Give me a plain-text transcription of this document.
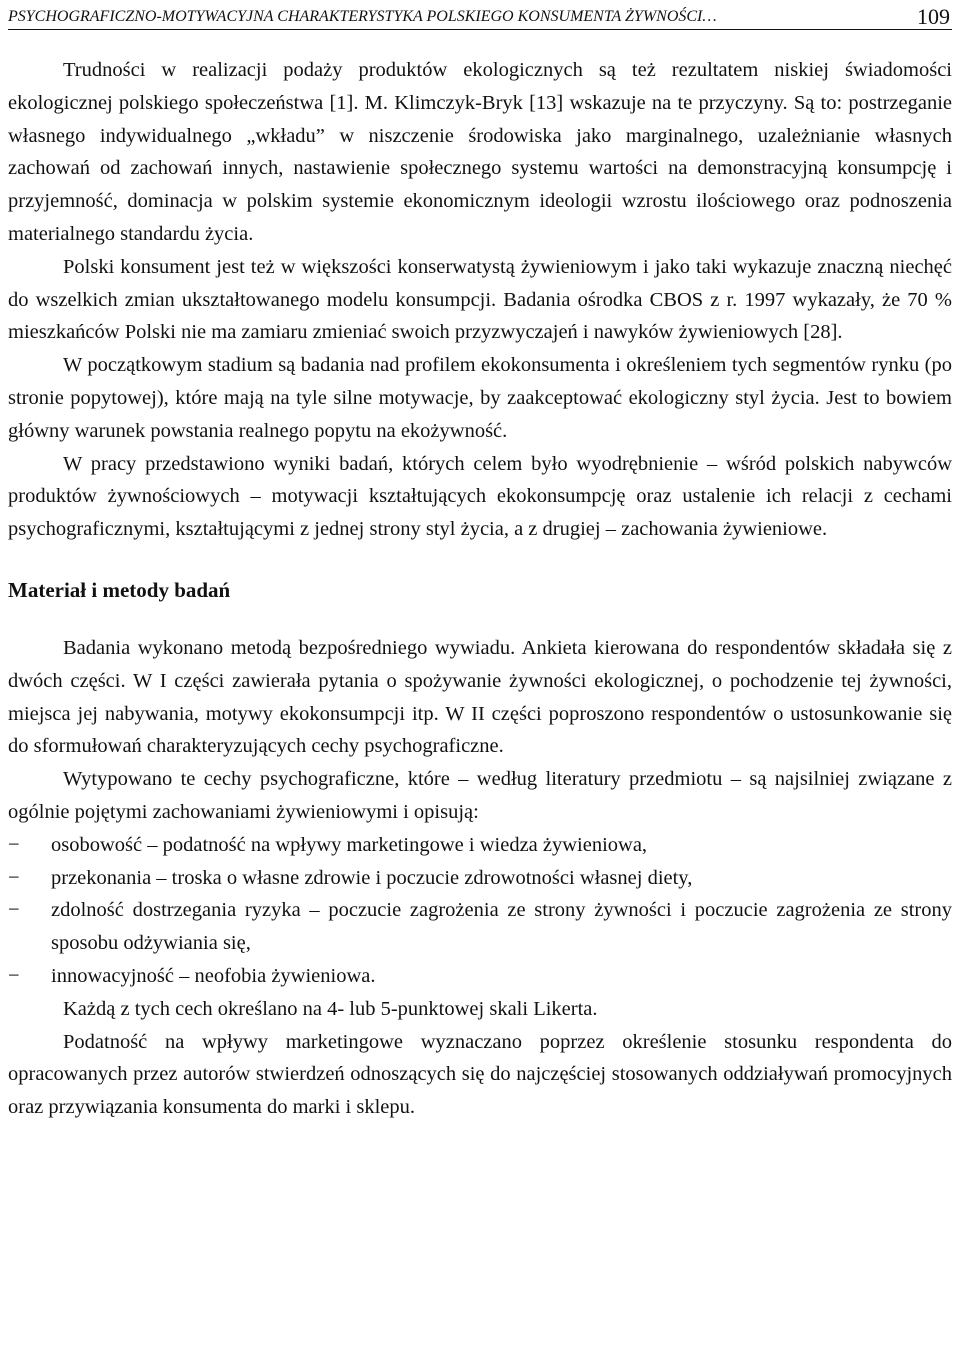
PSYCHOGRAFICZNO-MOTYWACYJNA CHARAKTERYSTYKA POLSKIEGO KONSUMENTA ŻYWNOŚCI…	109

Trudności w realizacji podaży produktów ekologicznych są też rezultatem niskiej świadomości ekologicznej polskiego społeczeństwa [1]. M. Klimczyk-Bryk [13] wskazuje na te przyczyny. Są to: postrzeganie własnego indywidualnego „wkładu” w niszczenie środowiska jako marginalnego, uzależnianie własnych zachowań od zachowań innych, nastawienie społecznego systemu wartości na demonstracyjną konsumpcję i przyjemność, dominacja w polskim systemie ekonomicznym ideologii wzrostu ilościowego oraz podnoszenia materialnego standardu życia.

Polski konsument jest też w większości konserwatystą żywieniowym i jako taki wykazuje znaczną niechęć do wszelkich zmian ukształtowanego modelu konsumpcji. Badania ośrodka CBOS z r. 1997 wykazały, że 70 % mieszkańców Polski nie ma zamiaru zmieniać swoich przyzwyczajeń i nawyków żywieniowych [28].

W początkowym stadium są badania nad profilem ekokonsumenta i określeniem tych segmentów rynku (po stronie popytowej), które mają na tyle silne motywacje, by zaakceptować ekologiczny styl życia. Jest to bowiem główny warunek powstania realnego popytu na ekożywność.

W pracy przedstawiono wyniki badań, których celem było wyodrębnienie – wśród polskich nabywców produktów żywnościowych – motywacji kształtujących ekokonsumpcję oraz ustalenie ich relacji z cechami psychograficznymi, kształtującymi z jednej strony styl życia, a z drugiej – zachowania żywieniowe.

Materiał i metody badań

Badania wykonano metodą bezpośredniego wywiadu. Ankieta kierowana do respondentów składała się z dwóch części. W I części zawierała pytania o spożywanie żywności ekologicznej, o pochodzenie tej żywności, miejsca jej nabywania, motywy ekokonsumpcji itp. W II części poproszono respondentów o ustosunkowanie się do sformułowań charakteryzujących cechy psychograficzne.

Wytypowano te cechy psychograficzne, które – według literatury przedmiotu – są najsilniej związane z ogólnie pojętymi zachowaniami żywieniowymi i opisują:

−	osobowość – podatność na wpływy marketingowe i wiedza żywieniowa,
−	przekonania – troska o własne zdrowie i poczucie zdrowotności własnej diety,
−	zdolność dostrzegania ryzyka – poczucie zagrożenia ze strony żywności i poczucie zagrożenia ze strony sposobu odżywiania się,
−	innowacyjność – neofobia żywieniowa.

Każdą z tych cech określano na 4- lub 5-punktowej skali Likerta.

Podatność na wpływy marketingowe wyznaczano poprzez określenie stosunku respondenta do opracowanych przez autorów stwierdzeń odnoszących się do najczęściej stosowanych oddziaływań promocyjnych oraz przywiązania konsumenta do marki i sklepu.
